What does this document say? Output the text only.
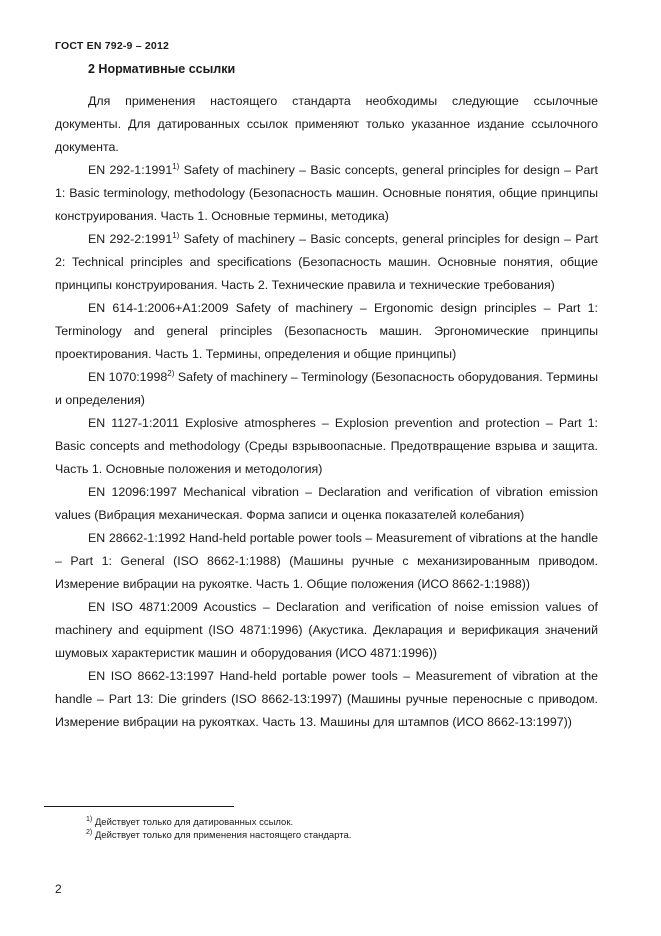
ГОСТ EN 792-9 – 2012
2 Нормативные ссылки

Для применения настоящего стандарта необходимы следующие ссылочные документы. Для датированных ссылок применяют только указанное издание ссылочного документа.

EN 292-1:1991$^{1)}$ Safety of machinery – Basic concepts, general principles for design – Part 1: Basic terminology, methodology (Безопасность машин. Основные понятия, общие принципы конструирования. Часть 1. Основные термины, методика)

EN 292-2:1991$^{1)}$ Safety of machinery – Basic concepts, general principles for design – Part 2: Technical principles and specifications (Безопасность машин. Основные понятия, общие принципы конструирования. Часть 2. Технические правила и технические требования)

EN 614-1:2006+A1:2009 Safety of machinery – Ergonomic design principles – Part 1: Terminology and general principles (Безопасность машин. Эргономические принципы проектирования. Часть 1. Термины, определения и общие принципы)

EN 1070:1998$^{2)}$ Safety of machinery – Terminology (Безопасность оборудования. Термины и определения)

EN 1127-1:2011 Explosive atmospheres – Explosion prevention and protection – Part 1: Basic concepts and methodology (Среды взрывоопасные. Предотвращение взрыва и защита. Часть 1. Основные положения и методология)

EN 12096:1997 Mechanical vibration – Declaration and verification of vibration emission values (Вибрация механическая. Форма записи и оценка показателей колебания)

EN 28662-1:1992 Hand-held portable power tools – Measurement of vibrations at the handle – Part 1: General (ISO 8662-1:1988) (Машины ручные с механизированным приводом. Измерение вибрации на рукоятке. Часть 1. Общие положения (ИСО 8662-1:1988))

EN ISO 4871:2009 Acoustics – Declaration and verification of noise emission values of machinery and equipment (ISO 4871:1996) (Акустика. Декларация и верификация значений шумовых характеристик машин и оборудования (ИСО 4871:1996))

EN ISO 8662-13:1997 Hand-held portable power tools – Measurement of vibration at the handle – Part 13: Die grinders (ISO 8662-13:1997) (Машины ручные переносные с приводом. Измерение вибрации на рукоятках. Часть 13. Машины для штампов (ИСО 8662-13:1997))

$^{1)}$ Действует только для датированных ссылок.
$^{2)}$ Действует только для применения настоящего стандарта.
2
